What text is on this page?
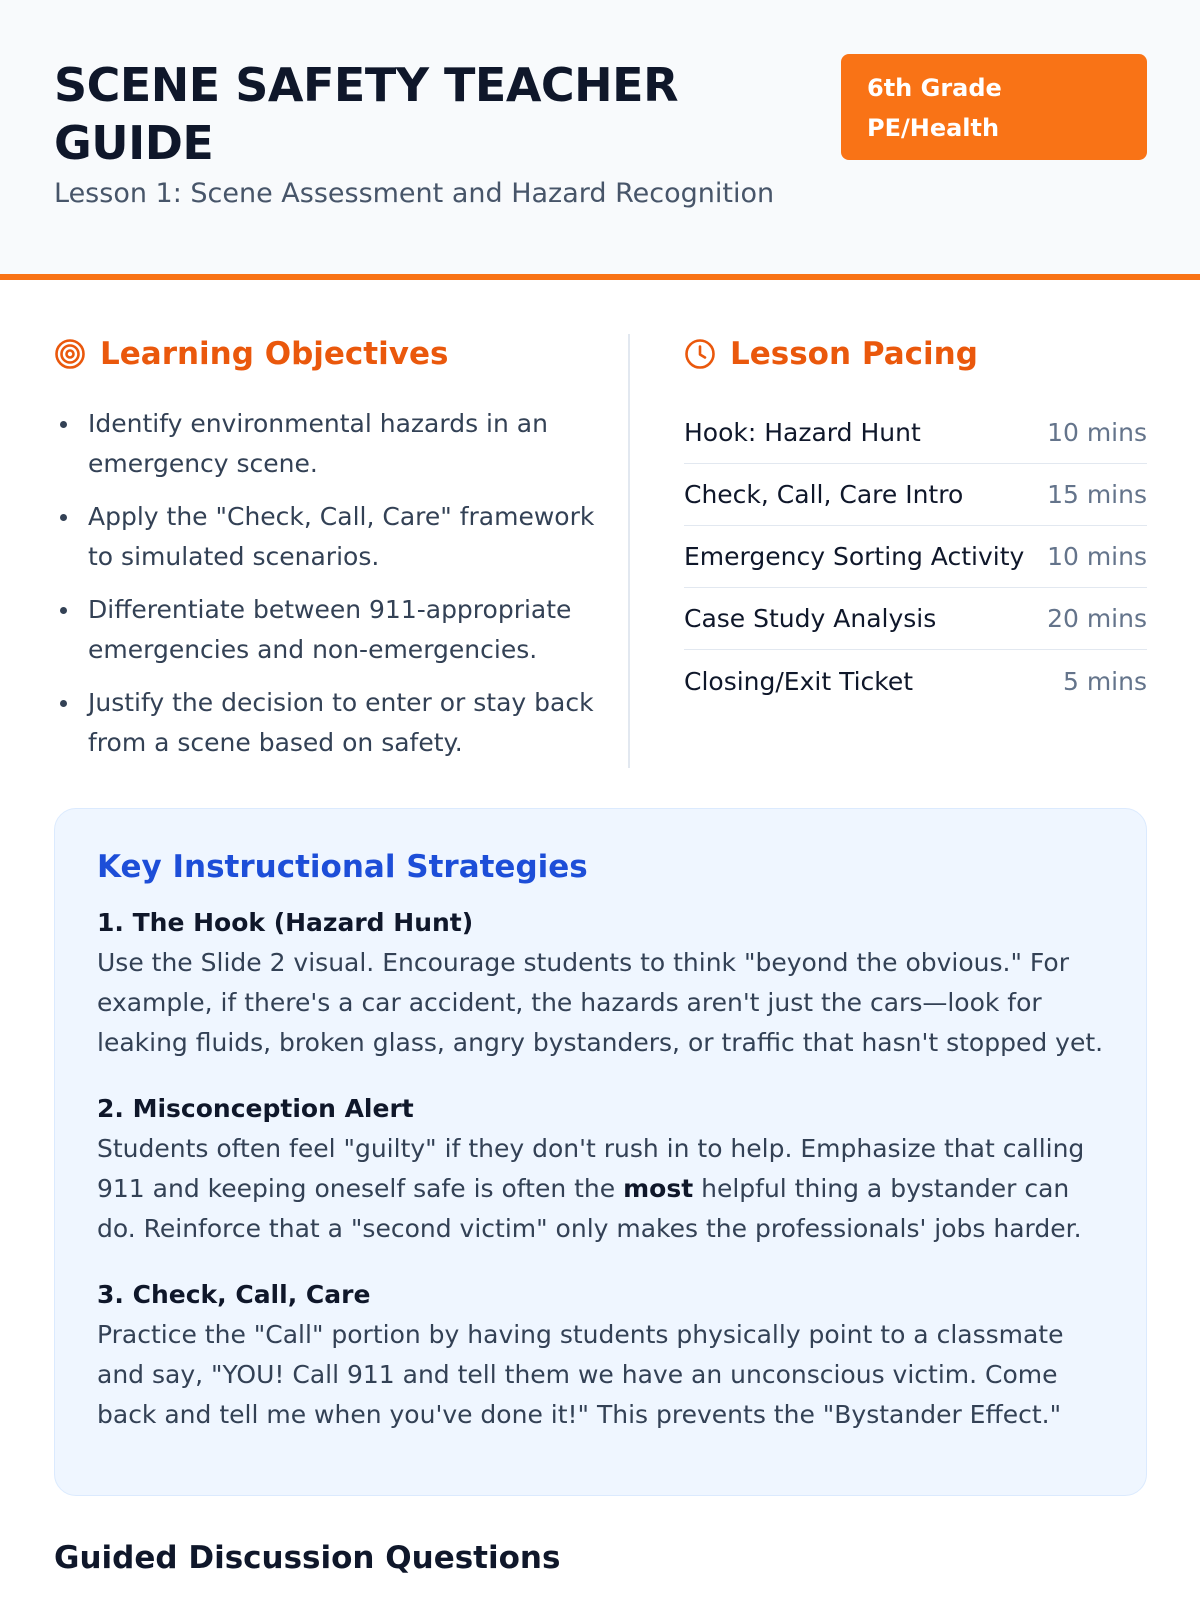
SCENE SAFETY TEACHER GUIDE
Lesson 1: Scene Assessment and Hazard Recognition
6th Grade PE/Health
Learning Objectives
Identify environmental hazards in an emergency scene.
Apply the "Check, Call, Care" framework to simulated scenarios.
Differentiate between 911-appropriate emergencies and non-emergencies.
Justify the decision to enter or stay back from a scene based on safety.
Lesson Pacing
Hook: Hazard Hunt	10 mins
Check, Call, Care Intro	15 mins
Emergency Sorting Activity 10 mins
Case Study Analysis	20 mins
Closing/Exit Ticket	5 mins
Key Instructional Strategies
1. The Hook (Hazard Hunt)
Use the Slide 2 visual. Encourage students to think "beyond the obvious." For example, if there's a car accident, the hazards aren't just the cars—look for leaking fluids, broken glass, angry bystanders, or traffic that hasn't stopped yet.
2. Misconception Alert
Students often feel "guilty" if they don't rush in to help. Emphasize that calling 911 and keeping oneself safe is often the most helpful thing a bystander can do. Reinforce that a "second victim" only makes the professionals' jobs harder.
3. Check, Call, Care
Practice the "Call" portion by having students physically point to a classmate and say, "YOU! Call 911 and tell them we have an unconscious victim. Come back and tell me when you've done it!" This prevents the "Bystander Effect."
Guided Discussion Questions
